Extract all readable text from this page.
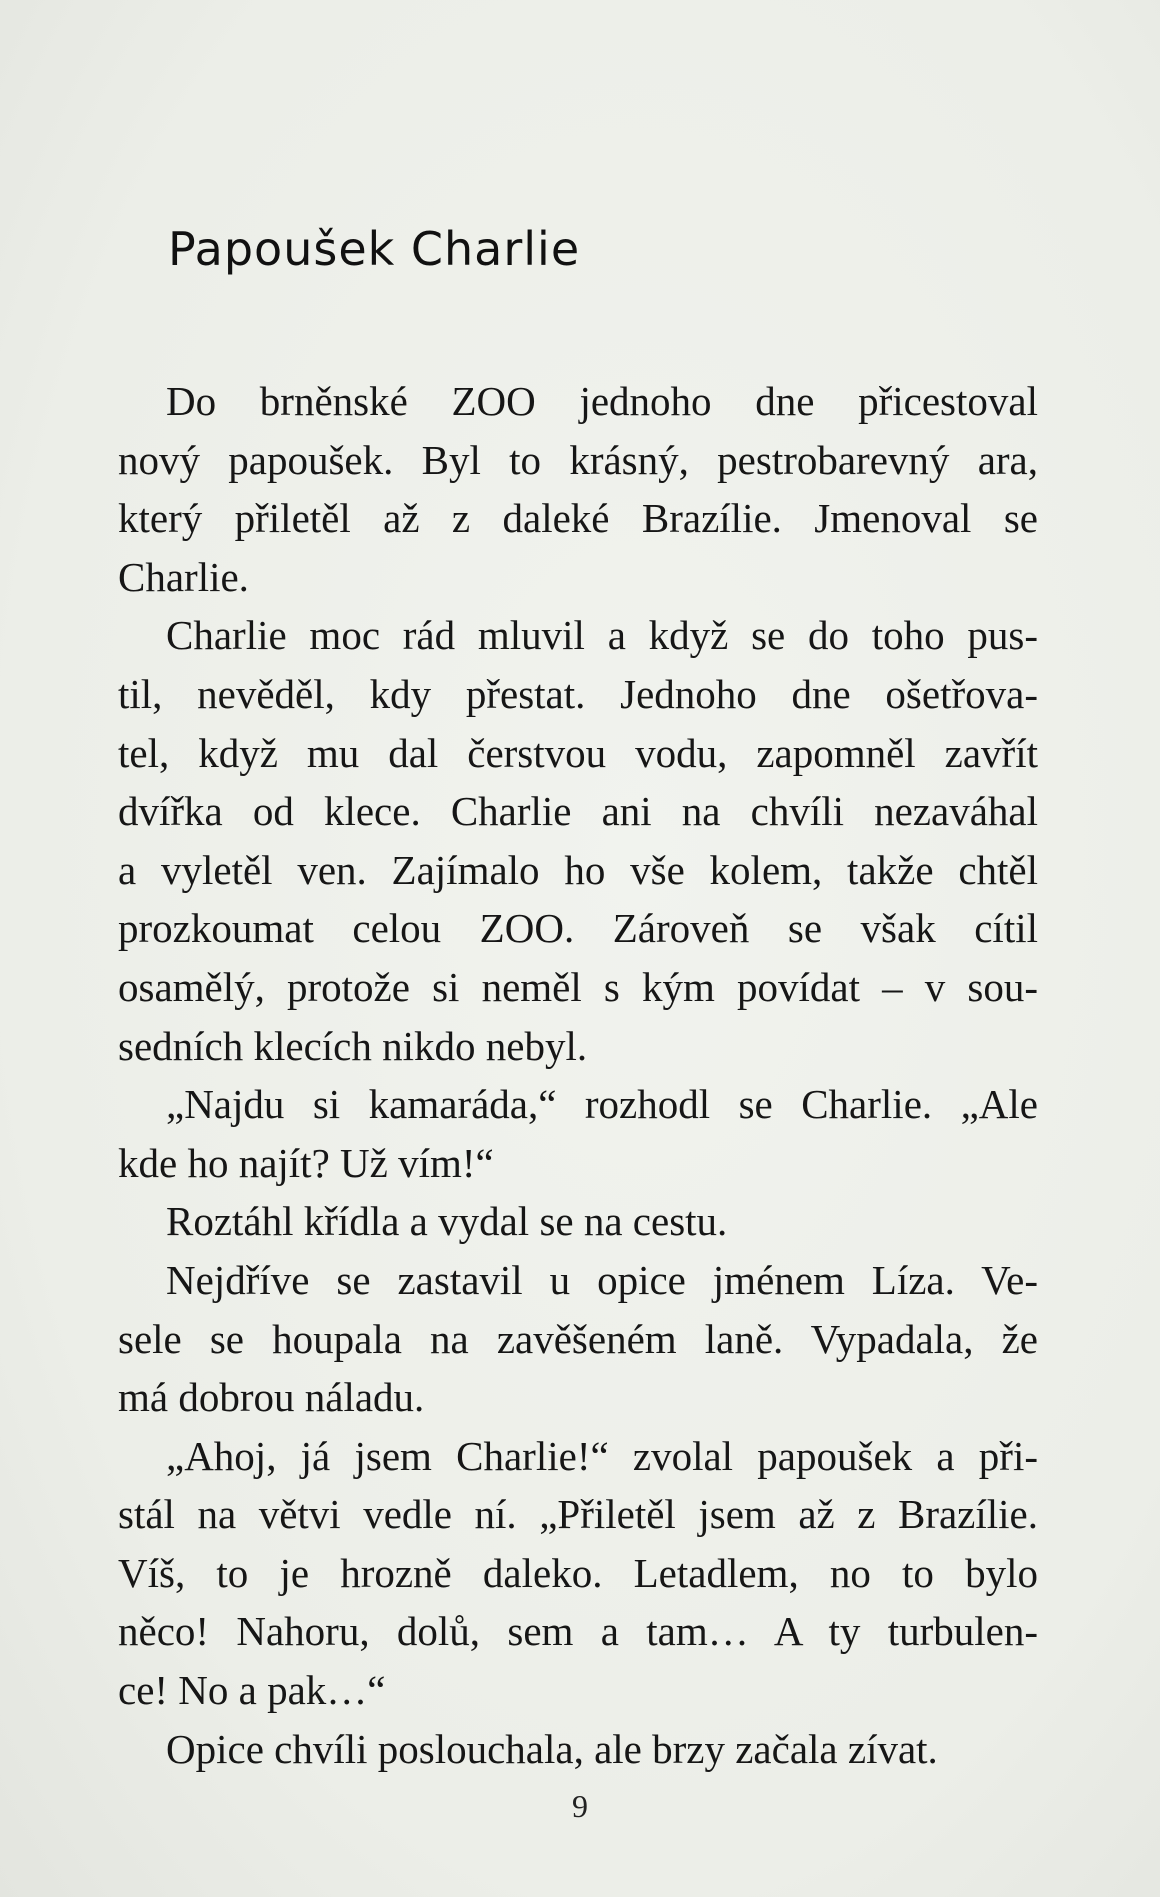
Papoušek Charlie
Do brněnské ZOO jednoho dne přicestoval
nový papoušek. Byl to krásný, pestrobarevný ara,
který přiletěl až z daleké Brazílie. Jmenoval se
Charlie.
Charlie moc rád mluvil a když se do toho pus-
til, nevěděl, kdy přestat. Jednoho dne ošetřova-
tel, když mu dal čerstvou vodu, zapomněl zavřít
dvířka od klece. Charlie ani na chvíli nezaváhal
a vyletěl ven. Zajímalo ho vše kolem, takže chtěl
prozkoumat celou ZOO. Zároveň se však cítil
osamělý, protože si neměl s kým povídat – v sou-
sedních klecích nikdo nebyl.
„Najdu si kamaráda,“ rozhodl se Charlie. „Ale
kde ho najít? Už vím!“
Roztáhl křídla a vydal se na cestu.
Nejdříve se zastavil u opice jménem Líza. Ve-
sele se houpala na zavěšeném laně. Vypadala, že
má dobrou náladu.
„Ahoj, já jsem Charlie!“ zvolal papoušek a při-
stál na větvi vedle ní. „Přiletěl jsem až z Brazílie.
Víš, to je hrozně daleko. Letadlem, no to bylo
něco! Nahoru, dolů, sem a tam… A ty turbulen-
ce! No a pak…“
Opice chvíli poslouchala, ale brzy začala zívat.
9
